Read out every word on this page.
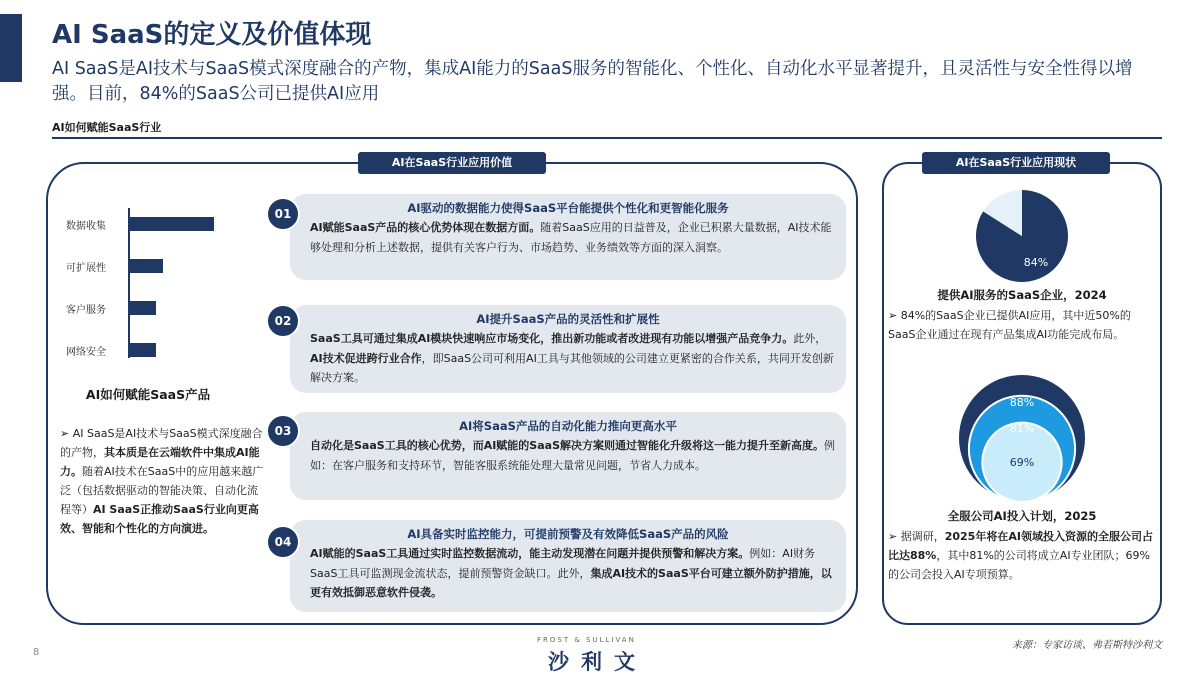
AI SaaS的定义及价值体现
AI SaaS是AI技术与SaaS模式深度融合的产物，集成AI能力的SaaS服务的智能化、个性化、自动化水平显著提升，且灵活性与安全性得以增强。目前，84%的SaaS公司已提供AI应用
AI如何赋能SaaS行业
AI在SaaS行业应用价值
数据收集
可扩展性
客户服务
网络安全
AI如何赋能SaaS产品
➢ AI SaaS是AI技术与SaaS模式深度融合的产物，其本质是在云端软件中集成AI能力。随着AI技术在SaaS中的应用越来越广泛（包括数据驱动的智能决策、自动化流程等）AI SaaS正推动SaaS行业向更高效、智能和个性化的方向演进。
AI驱动的数据能力使得SaaS平台能提供个性化和更智能化服务
AI赋能SaaS产品的核心优势体现在数据方面。随着SaaS应用的日益普及，企业已积累大量数据，AI技术能够处理和分析上述数据，提供有关客户行为、市场趋势、业务绩效等方面的深入洞察。
01
AI提升SaaS产品的灵活性和扩展性
SaaS工具可通过集成AI模块快速响应市场变化，推出新功能或者改进现有功能以增强产品竞争力。此外，AI技术促进跨行业合作，即SaaS公司可利用AI工具与其他领域的公司建立更紧密的合作关系，共同开发创新解决方案。
02
AI将SaaS产品的自动化能力推向更高水平
自动化是SaaS工具的核心优势，而AI赋能的SaaS解决方案则通过智能化升级将这一能力提升至新高度。例如：在客户服务和支持环节，智能客服系统能处理大量常见问题，节省人力成本。
03
AI具备实时监控能力，可提前预警及有效降低SaaS产品的风险
AI赋能的SaaS工具通过实时监控数据流动，能主动发现潜在问题并提供预警和解决方案。例如：AI财务SaaS工具可监测现金流状态，提前预警资金缺口。此外，集成AI技术的SaaS平台可建立额外防护措施，以更有效抵御恶意软件侵袭。
04
AI在SaaS行业应用现状
84%
提供AI服务的SaaS企业，2024
➢ 84%的SaaS企业已提供AI应用，其中近50%的SaaS企业通过在现有产品集成AI功能完成布局。
88%
81%
69%
全服公司AI投入计划，2025
➢ 据调研，2025年将在AI领域投入资源的全服公司占比达88%，其中81%的公司将成立AI专业团队；69%的公司会投入AI专项预算。
8
FROST & SULLIVAN
沙利文
来源：专家访谈、弗若斯特沙利文
